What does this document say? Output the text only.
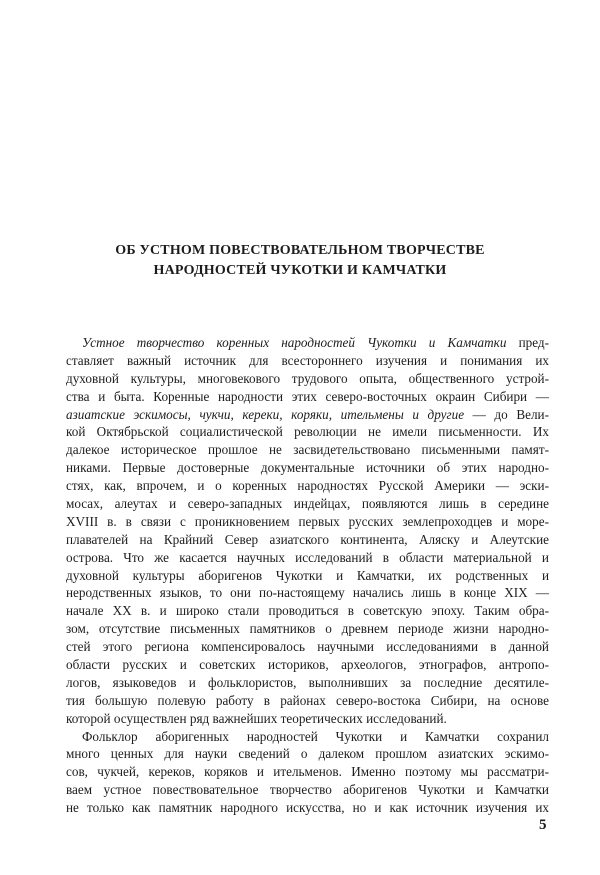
ОБ УСТНОМ ПОВЕСТВОВАТЕЛЬНОМ ТВОРЧЕСТВЕ
НАРОДНОСТЕЙ ЧУКОТКИ И КАМЧАТКИ
Устное творчество коренных народностей Чукотки и Камчатки пред-
ставляет важный источник для всестороннего изучения и понимания их
духовной культуры, многовекового трудового опыта, общественного устрой-
ства и быта. Коренные народности этих северо-восточных окраин Сибири —
азиатские эскимосы, чукчи, кереки, коряки, ительмены и другие — до Вели-
кой Октябрьской социалистической революции не имели письменности. Их
далекое историческое прошлое не засвидетельствовано письменными памят-
никами. Первые достоверные документальные источники об этих народно-
стях, как, впрочем, и о коренных народностях Русской Америки — эски-
мосах, алеутах и северо-западных индейцах, появляются лишь в середине
XVIII в. в связи с проникновением первых русских землепроходцев и море-
плавателей на Крайний Север азиатского континента, Аляску и Алеутские
острова. Что же касается научных исследований в области материальной и
духовной культуры аборигенов Чукотки и Камчатки, их родственных и
неродственных языков, то они по-настоящему начались лишь в конце XIX —
начале XX в. и широко стали проводиться в советскую эпоху. Таким обра-
зом, отсутствие письменных памятников о древнем периоде жизни народно-
стей этого региона компенсировалось научными исследованиями в данной
области русских и советских историков, археологов, этнографов, антропо-
логов, языковедов и фольклористов, выполнивших за последние десятиле-
тия большую полевую работу в районах северо-востока Сибири, на основе
которой осуществлен ряд важнейших теоретических исследований.
Фольклор аборигенных народностей Чукотки и Камчатки сохранил
много ценных для науки сведений о далеком прошлом азиатских эскимо-
сов, чукчей, кереков, коряков и ительменов. Именно поэтому мы рассматри-
ваем устное повествовательное творчество аборигенов Чукотки и Камчатки
не только как памятник народного искусства, но и как источник изучения их
5
